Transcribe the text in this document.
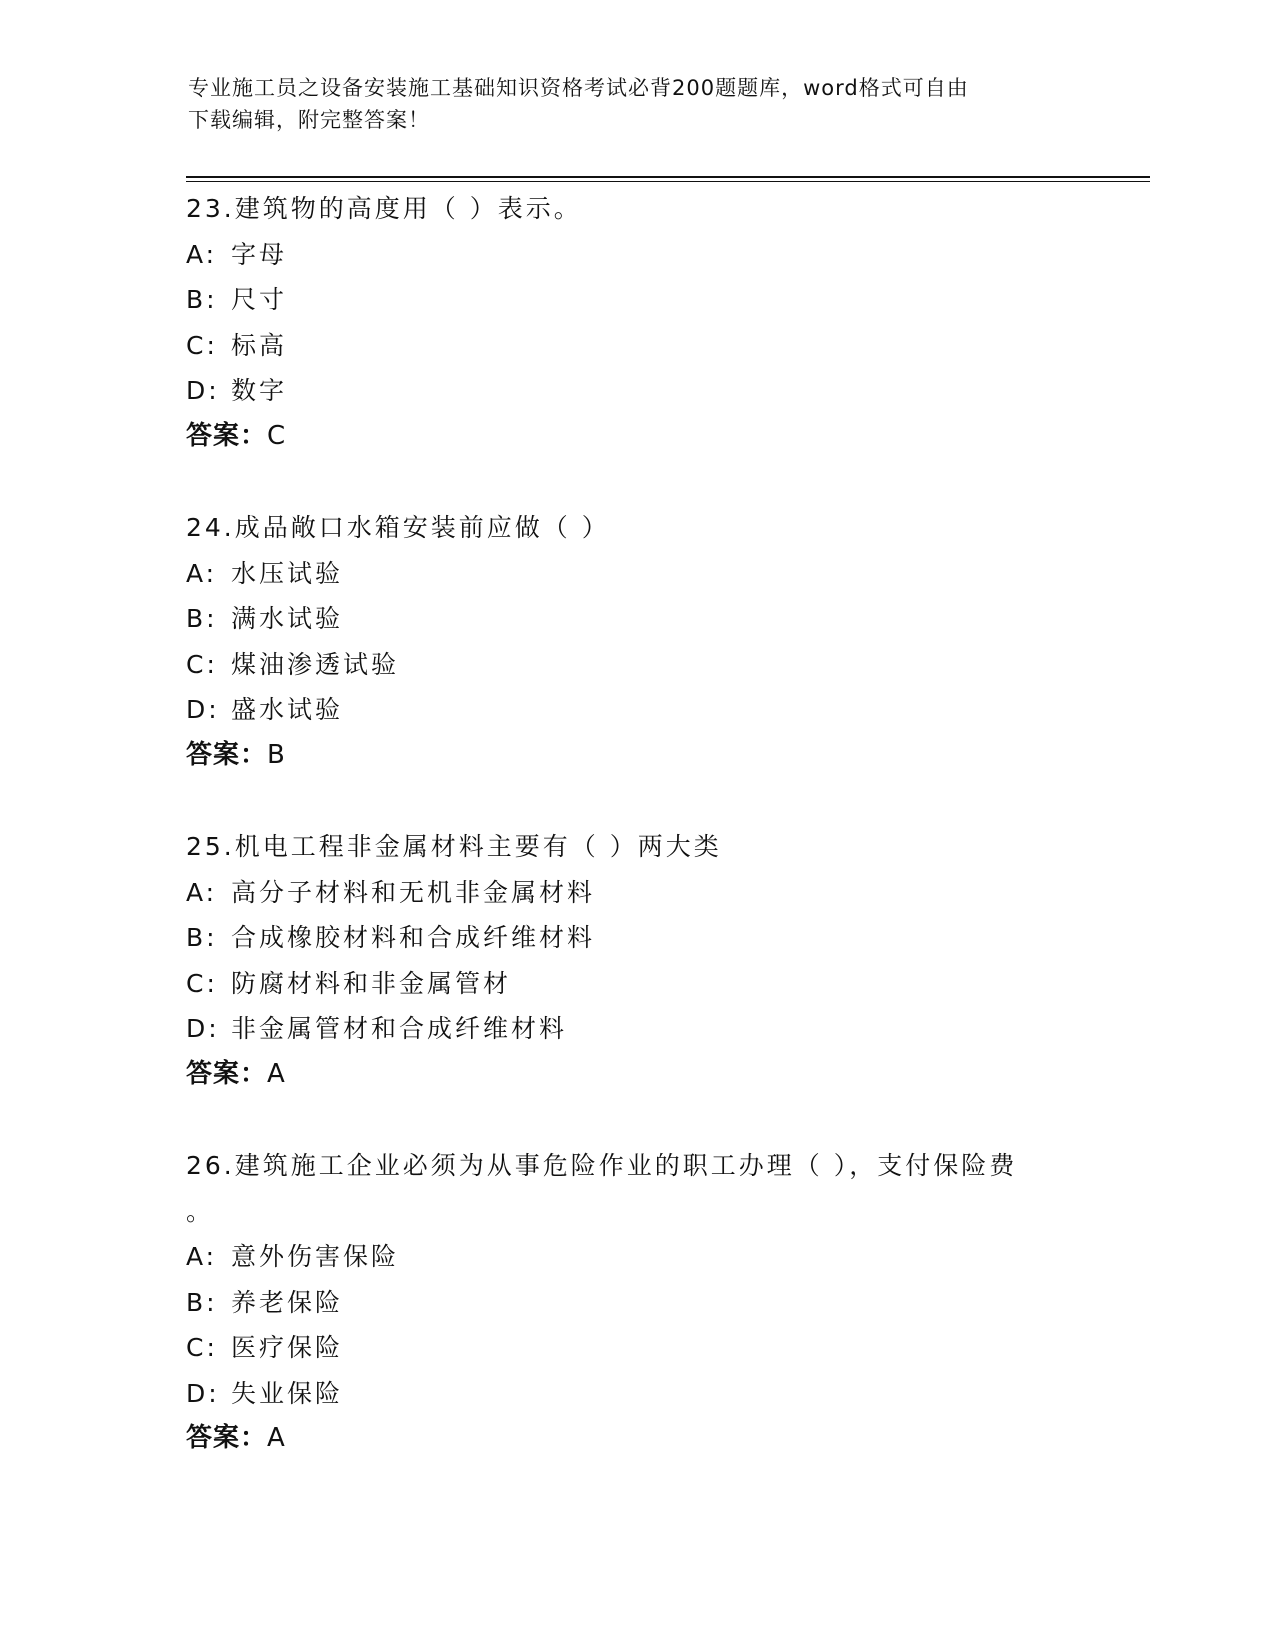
专业施工员之设备安装施工基础知识资格考试必背200题题库，word格式可自由
下载编辑，附完整答案！
23.建筑物的高度用（ ）表示。
A: 字母
B: 尺寸
C: 标高
D: 数字
答案：C
24.成品敞口水箱安装前应做（ ）
A: 水压试验
B: 满水试验
C: 煤油渗透试验
D: 盛水试验
答案：B
25.机电工程非金属材料主要有（ ）两大类
A: 高分子材料和无机非金属材料
B: 合成橡胶材料和合成纤维材料
C: 防腐材料和非金属管材
D: 非金属管材和合成纤维材料
答案：A
26.建筑施工企业必须为从事危险作业的职工办理（ ），支付保险费
。
A: 意外伤害保险
B: 养老保险
C: 医疗保险
D: 失业保险
答案：A
